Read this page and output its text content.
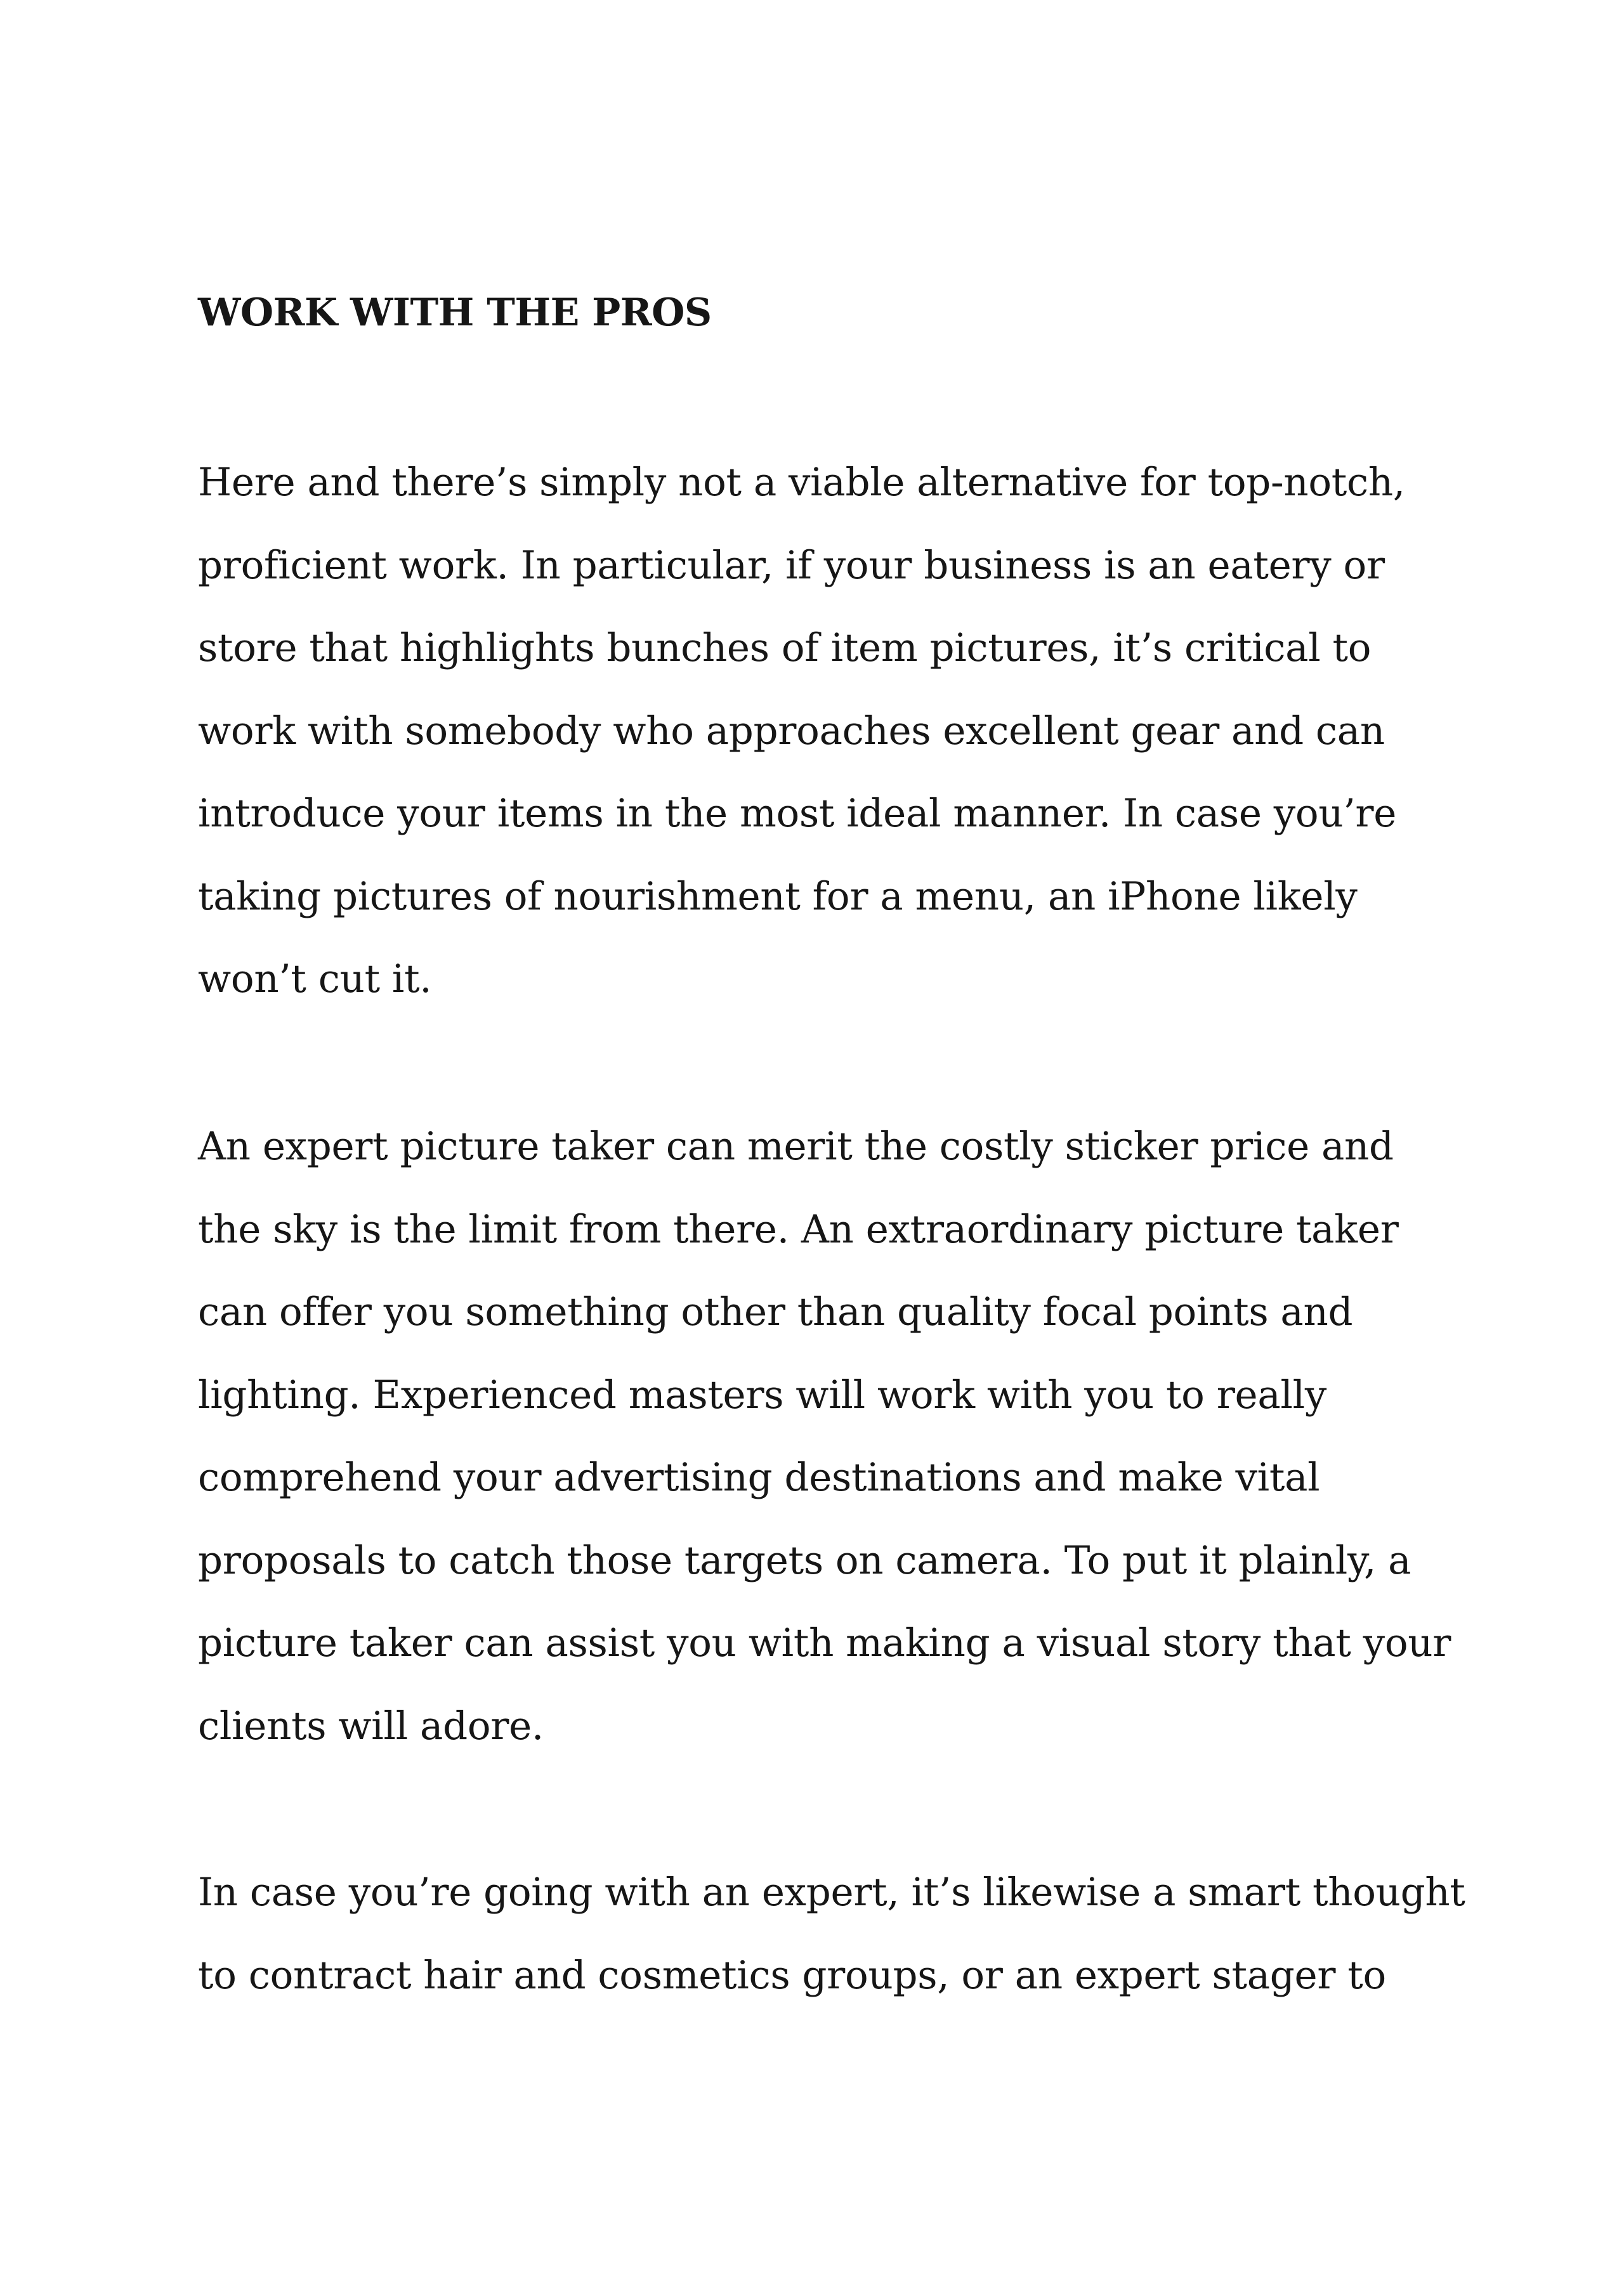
WORK WITH THE PROS

Here and there’s simply not a viable alternative for top-notch,
proficient work. In particular, if your business is an eatery or
store that highlights bunches of item pictures, it’s critical to
work with somebody who approaches excellent gear and can
introduce your items in the most ideal manner. In case you’re
taking pictures of nourishment for a menu, an iPhone likely
won’t cut it.

An expert picture taker can merit the costly sticker price and
the sky is the limit from there. An extraordinary picture taker
can offer you something other than quality focal points and
lighting. Experienced masters will work with you to really
comprehend your advertising destinations and make vital
proposals to catch those targets on camera. To put it plainly, a
picture taker can assist you with making a visual story that your
clients will adore.

In case you’re going with an expert, it’s likewise a smart thought
to contract hair and cosmetics groups, or an expert stager to
